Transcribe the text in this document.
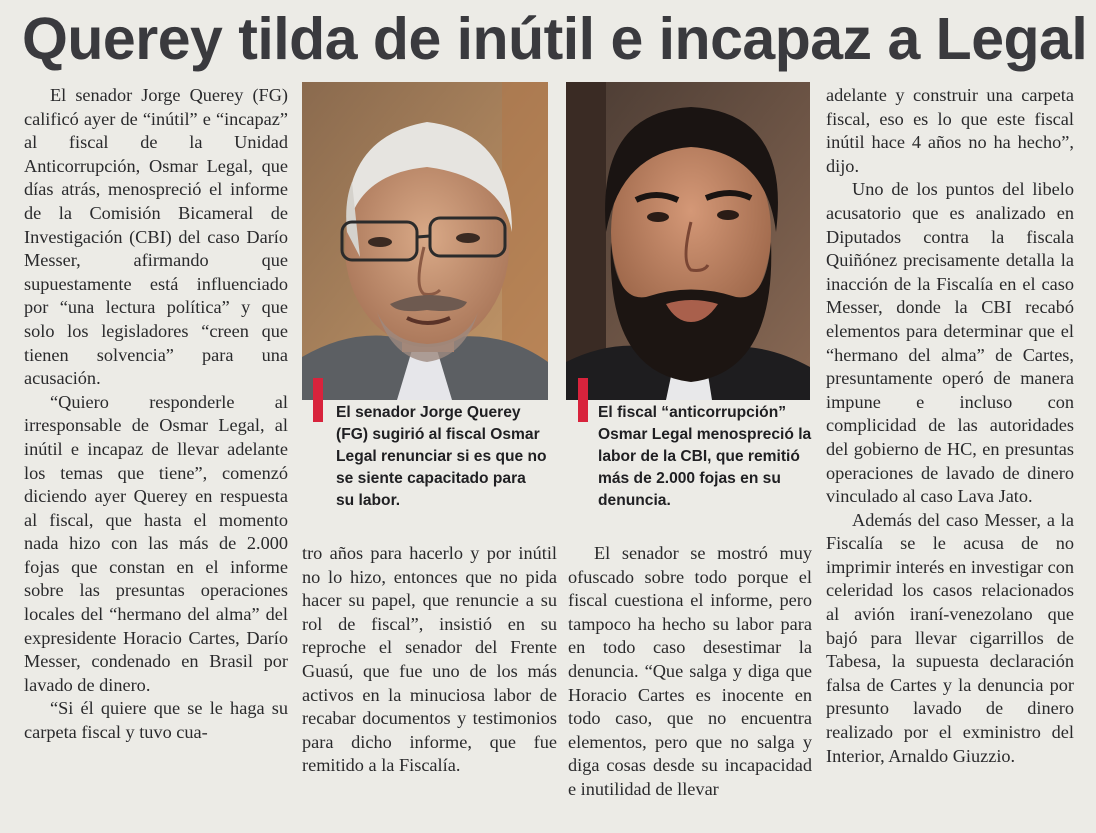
Querey tilda de inútil e incapaz a Legal

El senador Jorge Querey (FG) calificó ayer de “inútil” e “incapaz” al fiscal de la Unidad Anticorrupción, Osmar Legal, que días atrás, menospreció el informe de la Comisión Bicameral de Investigación (CBI) del caso Darío Messer, afirmando que supuestamente está influenciado por “una lectura política” y que solo los legisladores “creen que tienen solvencia” para una acusación.

“Quiero responderle al irresponsable de Osmar Legal, al inútil e incapaz de llevar adelante los temas que tiene”, comenzó diciendo ayer Querey en respuesta al fiscal, que hasta el momento nada hizo con las más de 2.000 fojas que constan en el informe sobre las presuntas operaciones locales del “hermano del alma” del expresidente Horacio Cartes, Darío Messer, condenado en Brasil por lavado de dinero.

“Si él quiere que se le haga su carpeta fiscal y tuvo cua-

El senador Jorge Querey (FG) sugirió al fiscal Osmar Legal renunciar si es que no se siente capacitado para su labor.
El fiscal “anticorrupción” Osmar Legal menospreció la labor de la CBI, que remitió más de 2.000 fojas en su denuncia.

tro años para hacerlo y por inútil no lo hizo, entonces que no pida hacer su papel, que renuncie a su rol de fiscal”, insistió en su reproche el senador del Frente Guasú, que fue uno de los más activos en la minuciosa labor de recabar documentos y testimonios para dicho informe, que fue remitido a la Fiscalía.

El senador se mostró muy ofuscado sobre todo porque el fiscal cuestiona el informe, pero tampoco ha hecho su labor para en todo caso desestimar la denuncia. “Que salga y diga que Horacio Cartes es inocente en todo caso, que no encuentra elementos, pero que no salga y diga cosas desde su incapacidad e inutilidad de llevar

adelante y construir una carpeta fiscal, eso es lo que este fiscal inútil hace 4 años no ha hecho”, dijo.

Uno de los puntos del libelo acusatorio que es analizado en Diputados contra la fiscala Quiñónez precisamente detalla la inacción de la Fiscalía en el caso Messer, donde la CBI recabó elementos para determinar que el “hermano del alma” de Cartes, presuntamente operó de manera impune e incluso con complicidad de las autoridades del gobierno de HC, en presuntas operaciones de lavado de dinero vinculado al caso Lava Jato.

Además del caso Messer, a la Fiscalía se le acusa de no imprimir interés en investigar con celeridad los casos relacionados al avión iraní-venezolano que bajó para llevar cigarrillos de Tabesa, la supuesta declaración falsa de Cartes y la denuncia por presunto lavado de dinero realizado por el exministro del Interior, Arnaldo Giuzzio.
